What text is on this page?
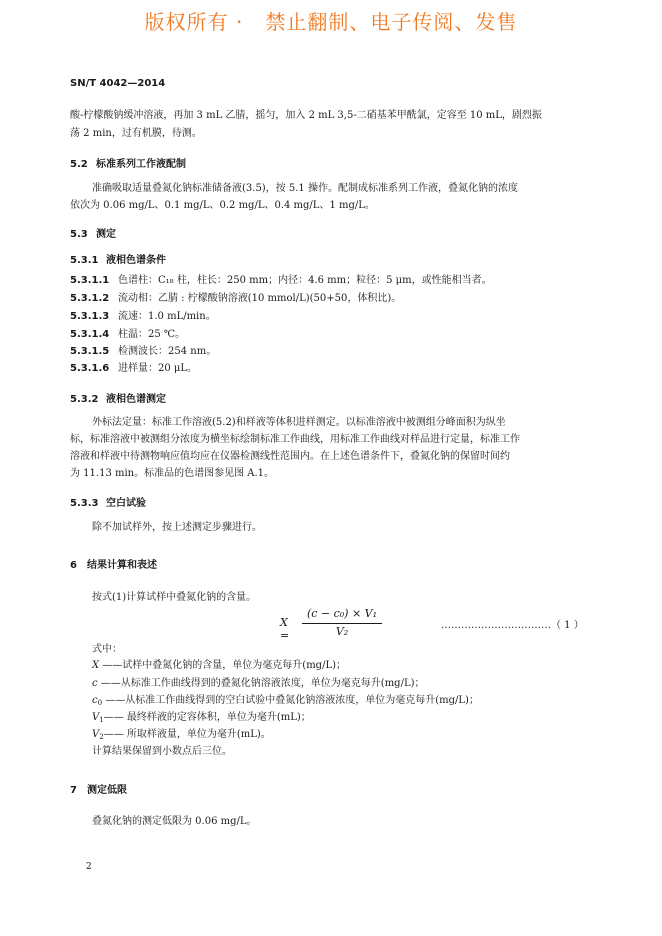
版权所有 · 禁止翻制、电子传阅、发售
SN/T 4042—2014
酸-柠檬酸钠缓冲溶液，再加 3 mL 乙腈，摇匀，加入 2 mL 3,5-二硝基苯甲酰氯，定容至 10 mL，剧烈振
荡 2 min，过有机膜，待测。
5.2 标准系列工作液配制
准确吸取适量叠氮化钠标准储备液(3.5)，按 5.1 操作。配制成标准系列工作液，叠氮化钠的浓度
依次为 0.06 mg/L、0.1 mg/L、0.2 mg/L、0.4 mg/L、1 mg/L。
5.3 测定
5.3.1 液相色谱条件
5.3.1.1 色谱柱：C₁₈ 柱，柱长：250 mm；内径：4.6 mm；粒径：5 μm，或性能相当者。
5.3.1.2 流动相：乙腈 : 柠檬酸钠溶液(10 mmol/L)(50+50，体积比)。
5.3.1.3 流速：1.0 mL/min。
5.3.1.4 柱温：25 ℃。
5.3.1.5 检测波长：254 nm。
5.3.1.6 进样量：20 μL。
5.3.2 液相色谱测定
外标法定量：标准工作溶液(5.2)和样液等体积进样测定。以标准溶液中被测组分峰面积为纵坐
标，标准溶液中被测组分浓度为横坐标绘制标准工作曲线，用标准工作曲线对样品进行定量，标准工作
溶液和样液中待测物响应值均应在仪器检测线性范围内。在上述色谱条件下，叠氮化钠的保留时间约
为 11.13 min。标准品的色谱图参见图 A.1。
5.3.3 空白试验
除不加试样外，按上述测定步骤进行。
6 结果计算和表述
按式(1)计算试样中叠氮化钠的含量。
X =
(c − c₀) × V₁
V₂	……………………………（ 1 ）
式中：
X ——试样中叠氮化钠的含量，单位为毫克每升(mg/L)；
c ——从标准工作曲线得到的叠氮化钠溶液浓度，单位为毫克每升(mg/L)；
$c_0$ ——从标准工作曲线得到的空白试验中叠氮化钠溶液浓度，单位为毫克每升(mg/L)；
$V_1——$ 最终样液的定容体积，单位为毫升(mL)；
$V_2——$ 所取样液量，单位为毫升(mL)。
计算结果保留到小数点后三位。
7 测定低限
叠氮化钠的测定低限为 0.06 mg/L。
2
